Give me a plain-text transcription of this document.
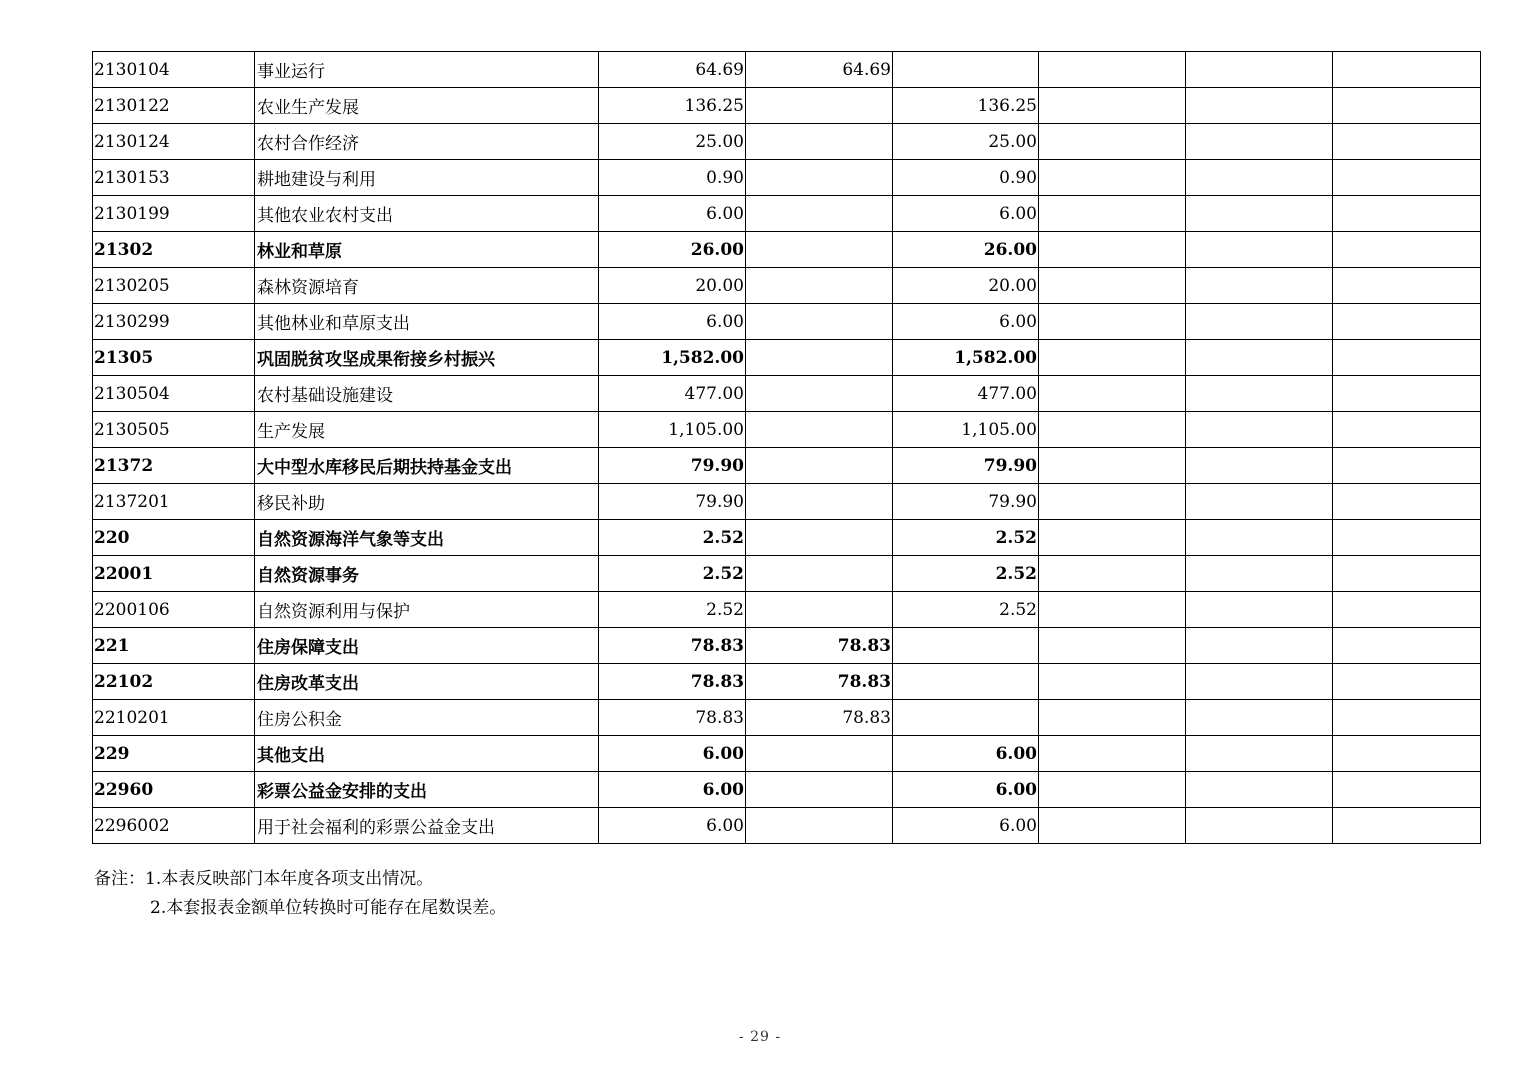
2130104	事业运行	64.69	64.69				
2130122	农业生产发展	136.25		136.25			
2130124	农村合作经济	25.00		25.00			
2130153	耕地建设与利用	0.90		0.90			
2130199	其他农业农村支出	6.00		6.00			
21302	林业和草原	26.00		26.00			
2130205	森林资源培育	20.00		20.00			
2130299	其他林业和草原支出	6.00		6.00			
21305	巩固脱贫攻坚成果衔接乡村振兴	1,582.00		1,582.00			
2130504	农村基础设施建设	477.00		477.00			
2130505	生产发展	1,105.00		1,105.00			
21372	大中型水库移民后期扶持基金支出	79.90		79.90			
2137201	移民补助	79.90		79.90			
220	自然资源海洋气象等支出	2.52		2.52			
22001	自然资源事务	2.52		2.52			
2200106	自然资源利用与保护	2.52		2.52			
221	住房保障支出	78.83	78.83				
22102	住房改革支出	78.83	78.83				
2210201	住房公积金	78.83	78.83				
229	其他支出	6.00		6.00			
22960	彩票公益金安排的支出	6.00		6.00			
2296002	用于社会福利的彩票公益金支出	6.00		6.00			
备注：1.本表反映部门本年度各项支出情况。
2.本套报表金额单位转换时可能存在尾数误差。
- 29 -
